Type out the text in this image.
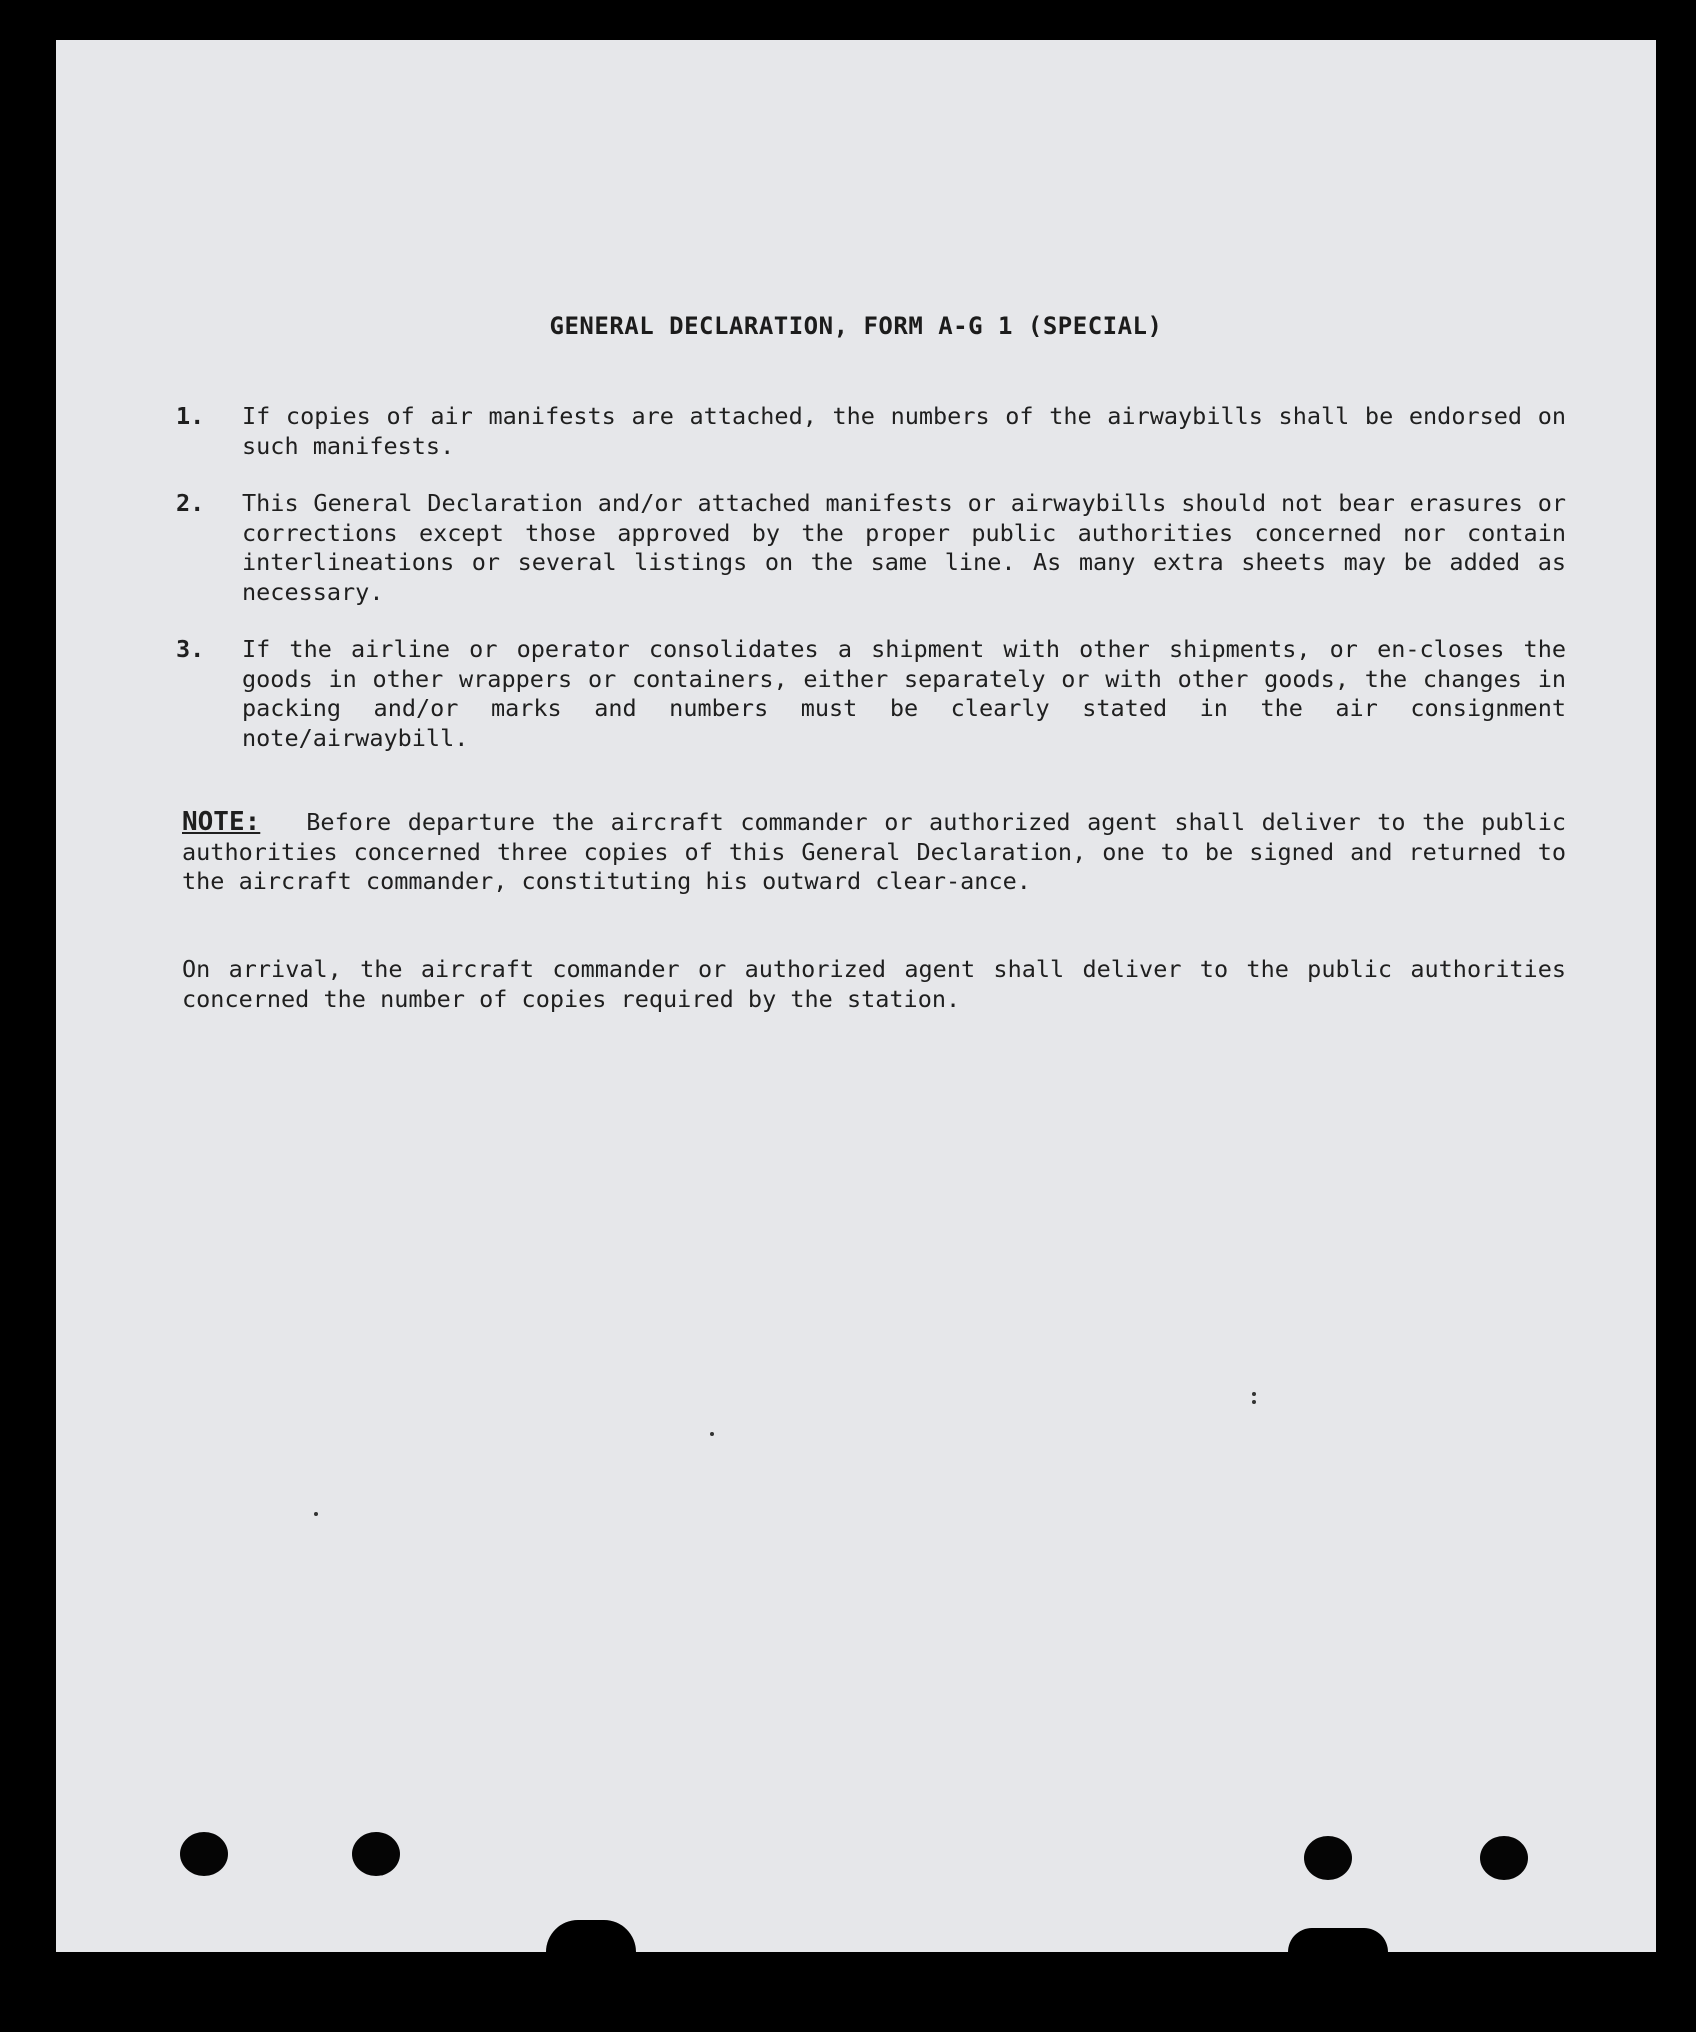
GENERAL DECLARATION, FORM A-G 1 (SPECIAL)
1.	If copies of air manifests are attached, the numbers of the airwaybills shall be endorsed on such manifests.
2.	This General Declaration and/or attached manifests or airwaybills should not bear erasures or corrections except those approved by the proper public authorities concerned nor contain interlineations or several listings on the same line. As many extra sheets may be added as necessary.
3.	If the airline or operator consolidates a shipment with other shipments, or en-closes the goods in other wrappers or containers, either separately or with other goods, the changes in packing and/or marks and numbers must be clearly stated in the air consignment note/airwaybill.

NOTE: Before departure the aircraft commander or authorized agent shall deliver to the public authorities concerned three copies of this General Declaration, one to be signed and returned to the aircraft commander, constituting his outward clear-ance.

On arrival, the aircraft commander or authorized agent shall deliver to the public authorities concerned the number of copies required by the station.
